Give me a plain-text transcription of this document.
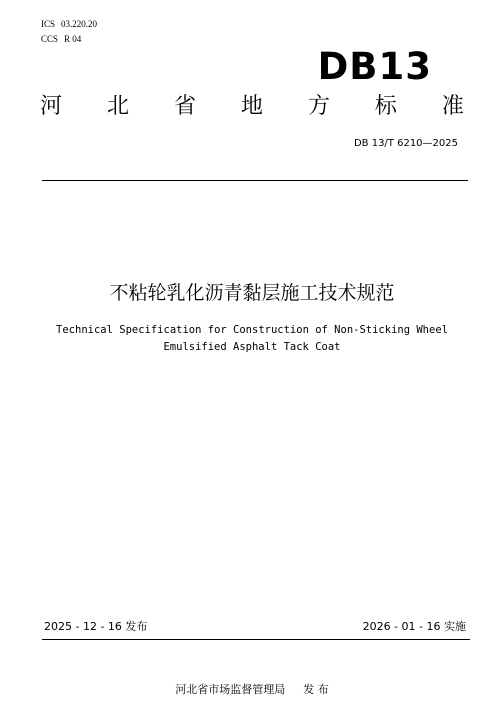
ICS 03.220.20
CCS R 04
DB13
河 北 省 地 方 标 准
DB 13/T 6210—2025
不粘轮乳化沥青黏层施工技术规范
Technical Specification for Construction of Non-Sticking Wheel
Emulsified Asphalt Tack Coat
2025 - 12 - 16 发布	2026 - 01 - 16 实施
河北省市场监督管理局 发 布
